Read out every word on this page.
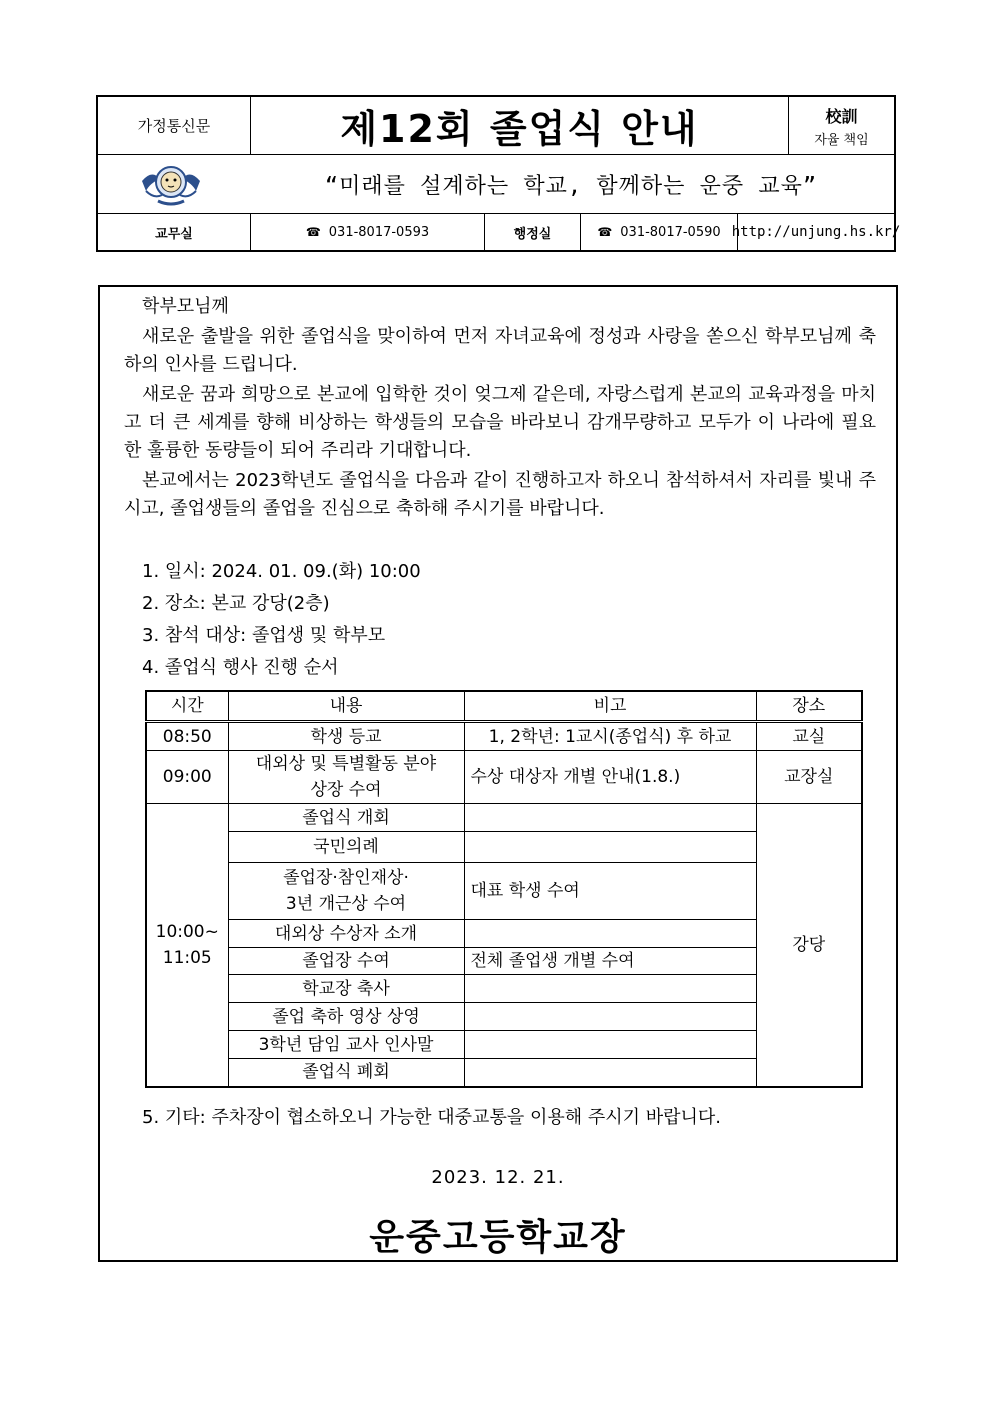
가정통신문	제12회 졸업식 안내	校訓
자율 책임
“미래를 설계하는 학교, 함께하는 운중 교육”
교무실	☎ 031-8017-0593	행정실	☎ 031-8017-0590 http://unjung.hs.kr/

학부모님께

새로운 출발을 위한 졸업식을 맞이하여 먼저 자녀교육에 정성과 사랑을 쏟으신 학부모님께 축하의 인사를 드립니다.

새로운 꿈과 희망으로 본교에 입학한 것이 엊그제 같은데, 자랑스럽게 본교의 교육과정을 마치고 더 큰 세계를 향해 비상하는 학생들의 모습을 바라보니 감개무량하고 모두가 이 나라에 필요한 훌륭한 동량들이 되어 주리라 기대합니다.

본교에서는 2023학년도 졸업식을 다음과 같이 진행하고자 하오니 참석하셔서 자리를 빛내 주시고, 졸업생들의 졸업을 진심으로 축하해 주시기를 바랍니다.

1. 일시: 2024. 01. 09.(화) 10:00
2. 장소: 본교 강당(2층)
3. 참석 대상: 졸업생 및 학부모
4. 졸업식 행사 진행 순서
시간	내용	비고	장소
08:50	학생 등교	1, 2학년: 1교시(종업식) 후 하교	교실
09:00	대외상 및 특별활동 분야
상장 수여	수상 대상자 개별 안내(1.8.)	교장실

10:00~
11:05	졸업식 개회		강당
	국민의례		

	졸업장·참인재상·
3년 개근상 수여	대표 학생 수여	
	대외상 수상자 소개		
	졸업장 수여	전체 졸업생 개별 수여	
	학교장 축사		
	졸업 축하 영상 상영		
	3학년 담임 교사 인사말		
	졸업식 폐회		
5. 기타: 주차장이 협소하오니 가능한 대중교통을 이용해 주시기 바랍니다.
2023. 12. 21.
운중고등학교장
